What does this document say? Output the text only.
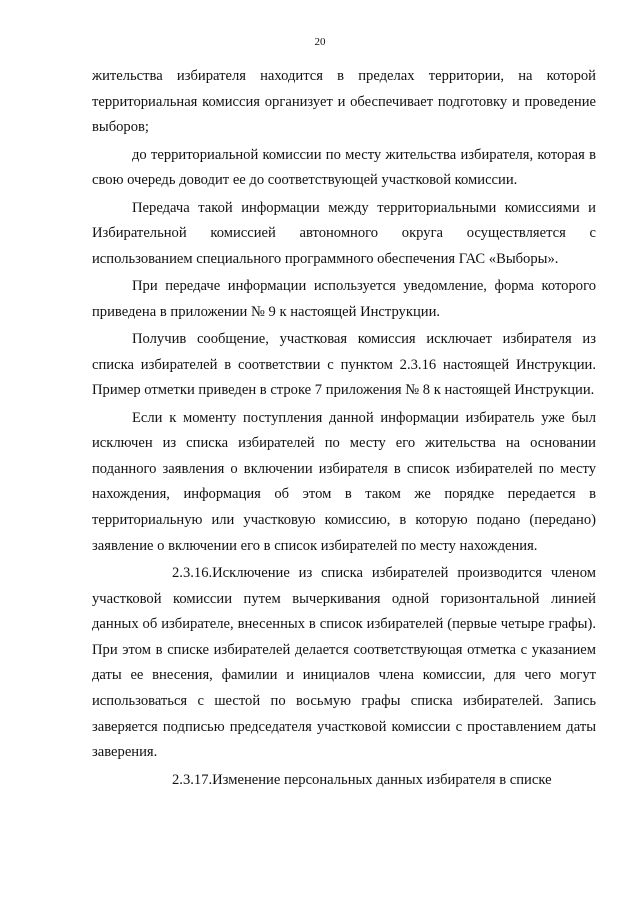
20

жительства избирателя находится в пределах территории, на которой территориальная комиссия организует и обеспечивает подготовку и проведение выборов;

до территориальной комиссии по месту жительства избирателя, которая в свою очередь доводит ее до соответствующей участковой комиссии.

Передача такой информации между территориальными комиссиями и Избирательной комиссией автономного округа осуществляется с использованием специального программного обеспечения ГАС «Выборы».

При передаче информации используется уведомление, форма которого приведена в приложении № 9 к настоящей Инструкции.

Получив сообщение, участковая комиссия исключает избирателя из списка избирателей в соответствии с пунктом 2.3.16 настоящей Инструкции. Пример отметки приведен в строке 7 приложения № 8 к настоящей Инструкции.

Если к моменту поступления данной информации избиратель уже был исключен из списка избирателей по месту его жительства на основании поданного заявления о включении избирателя в список избирателей по месту нахождения, информация об этом в таком же порядке передается в территориальную или участковую комиссию, в которую подано (передано) заявление о включении его в список избирателей по месту нахождения.

2.3.16.Исключение из списка избирателей производится членом участковой комиссии путем вычеркивания одной горизонтальной линией данных об избирателе, внесенных в список избирателей (первые четыре графы). При этом в списке избирателей делается соответствующая отметка с указанием даты ее внесения, фамилии и инициалов члена комиссии, для чего могут использоваться с шестой по восьмую графы списка избирателей. Запись заверяется подписью председателя участковой комиссии с проставлением даты заверения.

2.3.17.Изменение персональных данных избирателя в списке
